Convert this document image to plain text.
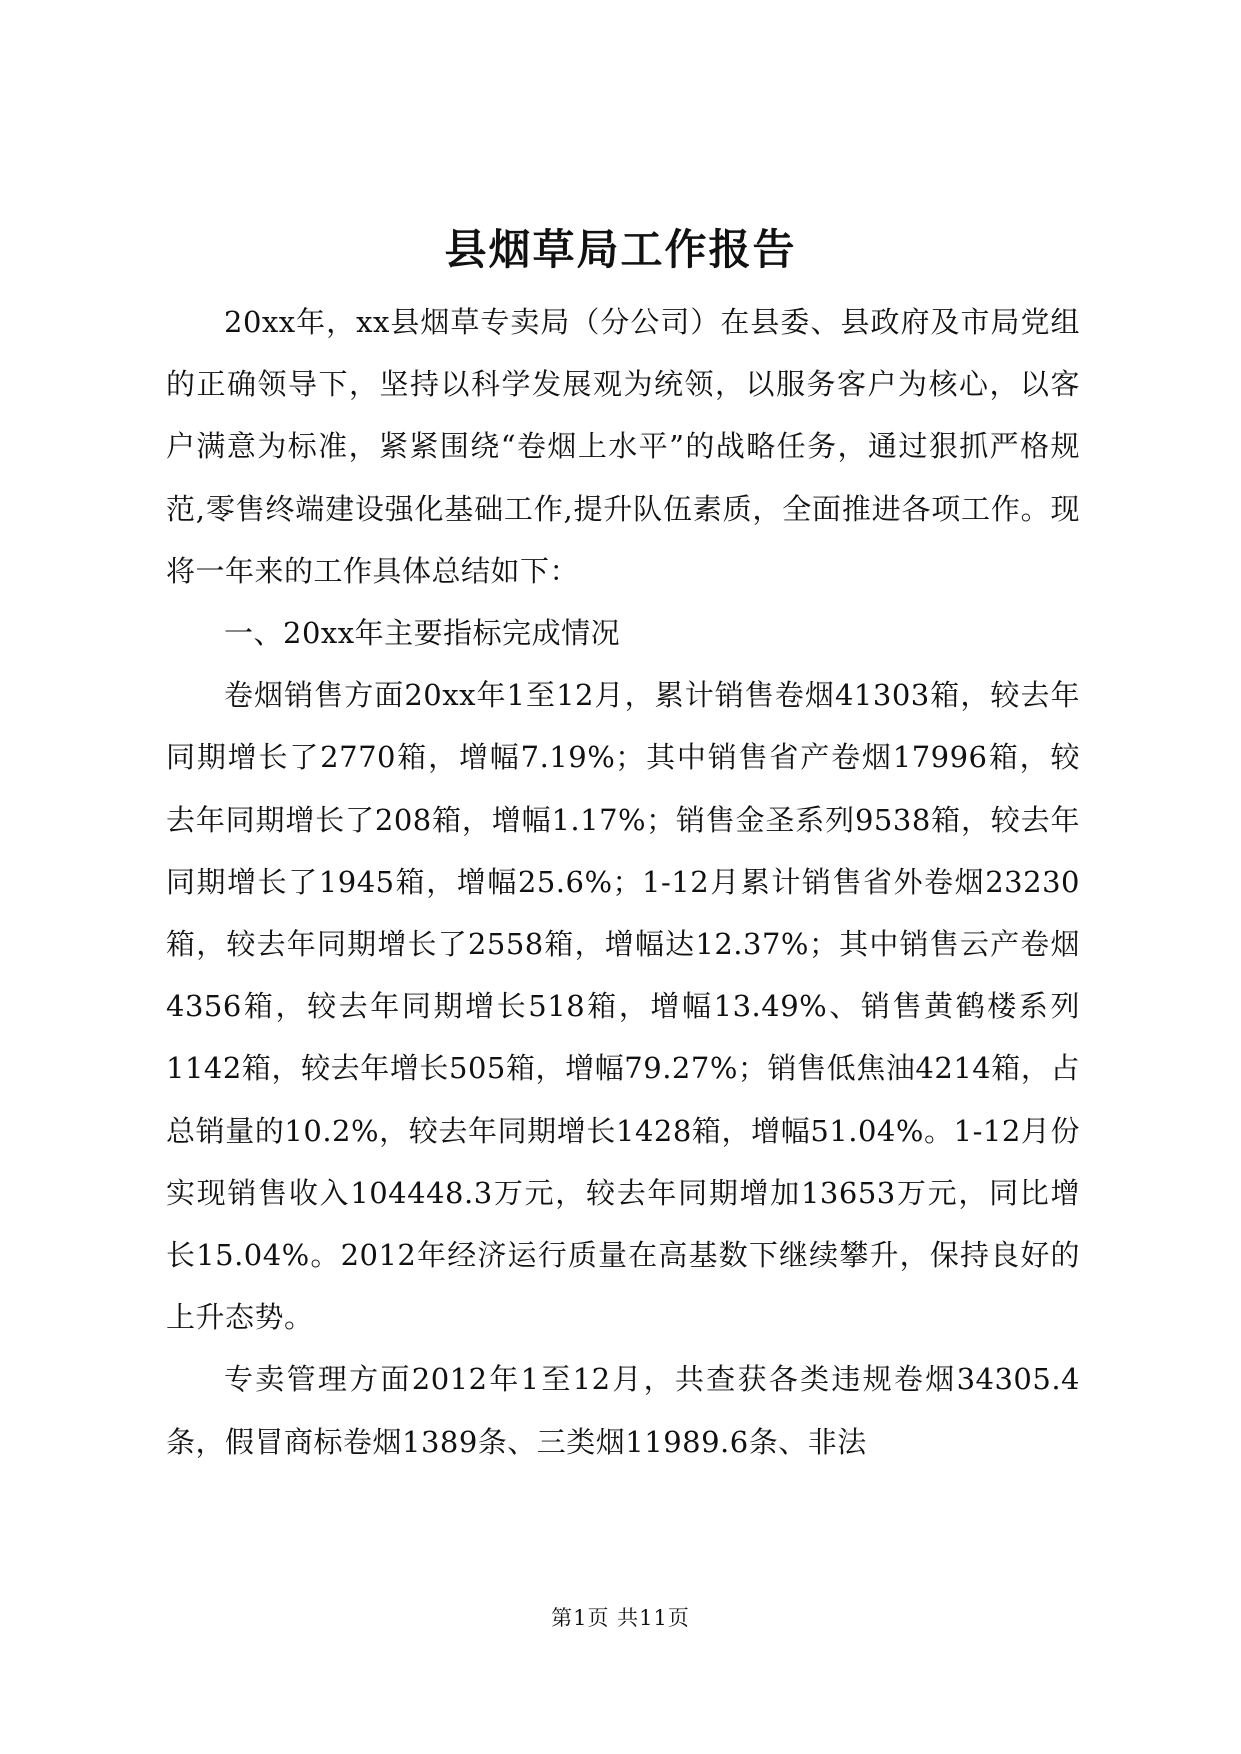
县烟草局工作报告

20xx年，xx县烟草专卖局（分公司）在县委、县政府及市局党组的正确领导下，坚持以科学发展观为统领，以服务客户为核心，以客户满意为标准，紧紧围绕“卷烟上水平”的战略任务，通过狠抓严格规范,零售终端建设强化基础工作,提升队伍素质，全面推进各项工作。现将一年来的工作具体总结如下：

一、20xx年主要指标完成情况

卷烟销售方面20xx年1至12月，累计销售卷烟41303箱，较去年同期增长了2770箱，增幅7.19%；其中销售省产卷烟17996箱，较去年同期增长了208箱，增幅1.17%；销售金圣系列9538箱，较去年同期增长了1945箱，增幅25.6%；1-12月累计销售省外卷烟23230箱，较去年同期增长了2558箱，增幅达12.37%；其中销售云产卷烟4356箱，较去年同期增长518箱，增幅13.49%、销售黄鹤楼系列1142箱，较去年增长505箱，增幅79.27%；销售低焦油4214箱，占总销量的10.2%，较去年同期增长1428箱，增幅51.04%。1-12月份实现销售收入104448.3万元，较去年同期增加13653万元，同比增长15.04%。2012年经济运行质量在高基数下继续攀升，保持良好的上升态势。

专卖管理方面2012年1至12月，共查获各类违规卷烟34305.4条，假冒商标卷烟1389条、三类烟11989.6条、非法

第1页 共11页
